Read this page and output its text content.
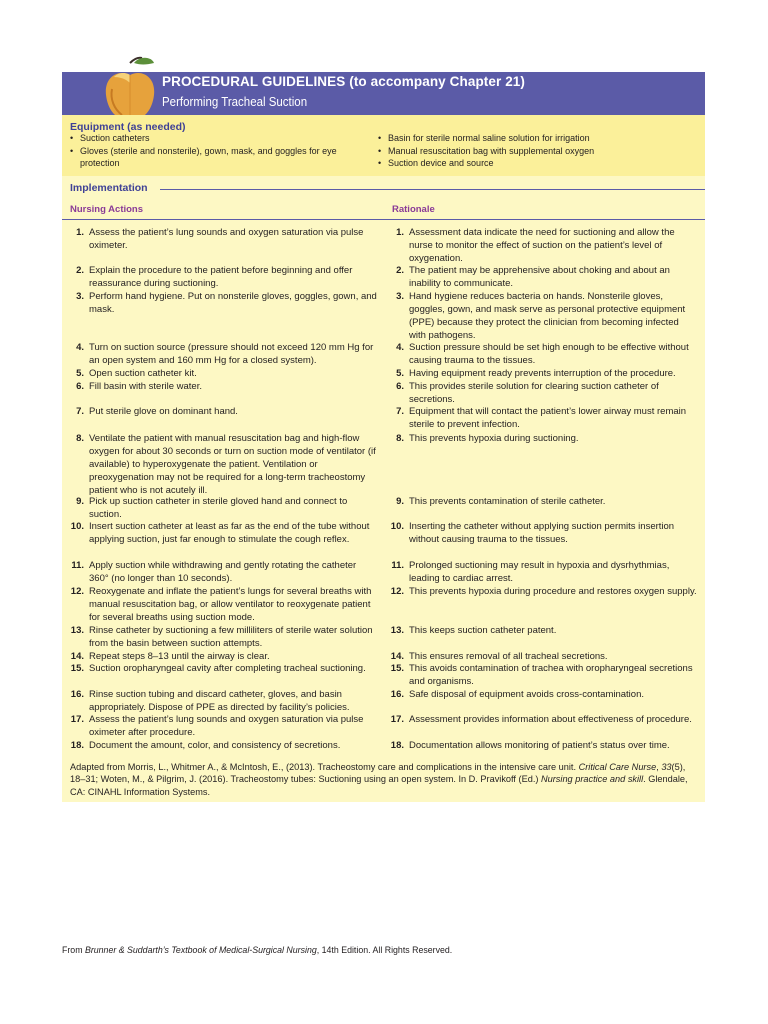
PROCEDURAL GUIDELINES (to accompany Chapter 21)
Performing Tracheal Suction
Equipment (as needed)
• Suction catheters
• Gloves (sterile and nonsterile), gown, mask, and goggles for eye protection
• Basin for sterile normal saline solution for irrigation
• Manual resuscitation bag with supplemental oxygen
• Suction device and source
Implementation
Nursing Actions	Rationale
1. Assess the patient’s lung sounds and oxygen saturation via pulse oximeter.
1. Assessment data indicate the need for suctioning and allow the nurse to monitor the effect of suction on the patient’s level of oxygenation.
2. Explain the procedure to the patient before beginning and offer reassurance during suctioning.
2. The patient may be apprehensive about choking and about an inability to communicate.
3. Perform hand hygiene. Put on nonsterile gloves, goggles, gown, and mask.
3. Hand hygiene reduces bacteria on hands. Nonsterile gloves, goggles, gown, and mask serve as personal protective equipment (PPE) because they protect the clinician from becoming infected with pathogens.
4. Turn on suction source (pressure should not exceed 120 mm Hg for an open system and 160 mm Hg for a closed system).
4. Suction pressure should be set high enough to be effective without causing trauma to the tissues.
5. Open suction catheter kit.	5. Having equipment ready prevents interruption of the procedure.
6. Fill basin with sterile water.	6. This provides sterile solution for clearing suction catheter of secretions.
7. Put sterile glove on dominant hand.	7. Equipment that will contact the patient’s lower airway must remain sterile to prevent infection.
8. Ventilate the patient with manual resuscitation bag and high-flow oxygen for about 30 seconds or turn on suction mode of ventilator (if available) to hyperoxygenate the patient. Ventilation or preoxygenation may not be required for a long-term tracheostomy patient who is not acutely ill.
8. This prevents hypoxia during suctioning.
9. Pick up suction catheter in sterile gloved hand and connect to suction.
9. This prevents contamination of sterile catheter.
10. Insert suction catheter at least as far as the end of the tube without applying suction, just far enough to stimulate the cough reflex.
10. Inserting the catheter without applying suction permits insertion without causing trauma to the tissues.
11. Apply suction while withdrawing and gently rotating the catheter 360° (no longer than 10 seconds).
11. Prolonged suctioning may result in hypoxia and dysrhythmias, leading to cardiac arrest.
12. Reoxygenate and inflate the patient’s lungs for several breaths with manual resuscitation bag, or allow ventilator to reoxygenate patient for several breaths using suction mode.
12. This prevents hypoxia during procedure and restores oxygen supply.
13. Rinse catheter by suctioning a few milliliters of sterile water solution from the basin between suction attempts.
13. This keeps suction catheter patent.
14. Repeat steps 8–13 until the airway is clear.	14. This ensures removal of all tracheal secretions.
15. Suction oropharyngeal cavity after completing tracheal suctioning.	15. This avoids contamination of trachea with oropharyngeal secretions and organisms.
16. Rinse suction tubing and discard catheter, gloves, and basin appropriately. Dispose of PPE as directed by facility’s policies.
16. Safe disposal of equipment avoids cross-contamination.
17. Assess the patient’s lung sounds and oxygen saturation via pulse oximeter after procedure.
17. Assessment provides information about effectiveness of procedure.
18. Document the amount, color, and consistency of secretions.	18. Documentation allows monitoring of patient’s status over time.
Adapted from Morris, L., Whitmer A., & McIntosh, E., (2013). Tracheostomy care and complications in the intensive care unit. Critical Care Nurse, 33(5), 18–31; Woten, M., & Pilgrim, J. (2016). Tracheostomy tubes: Suctioning using an open system. In D. Pravikoff (Ed.) Nursing practice and skill. Glendale, CA: CINAHL Information Systems.
From Brunner & Suddarth’s Textbook of Medical-Surgical Nursing, 14th Edition. All Rights Reserved.
